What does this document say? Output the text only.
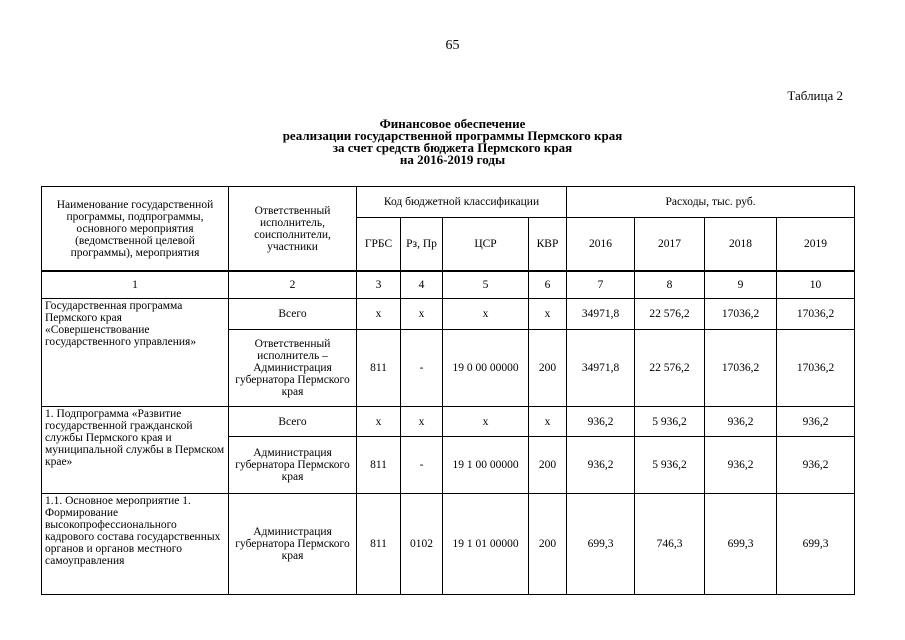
65
Таблица 2
Финансовое обеспечение
реализации государственной программы Пермского края
за счет средств бюджета Пермского края
на 2016-2019 годы
Наименование государственной программы, подпрограммы, основного мероприятия (ведомственной целевой программы), мероприятия	Ответственный исполнитель, соисполнители, участники	Код бюджетной классификации				Расходы, тыс. руб.			
		ГРБС	Рз, Пр	ЦСР	КВР	2016	2017	2018	2019
1	2	3	4	5	6	7	8	9	10
Государственная программа Пермского края «Совершенствование государственного управления»	Всего	х	х	х	х	34971,8	22 576,2	17036,2	17036,2
	Ответственный исполнитель – Администрация губернатора Пермского края	811	-	19 0 00 00000	200	34971,8	22 576,2	17036,2	17036,2
1. Подпрограмма «Развитие государственной гражданской службы Пермского края и муниципальной службы в Пермском крае»	Всего	х	х	х	х	936,2	5 936,2	936,2	936,2
	Администрация губернатора Пермского края	811	-	19 1 00 00000	200	936,2	5 936,2	936,2	936,2
1.1. Основное мероприятие 1. Формирование высокопрофессионального кадрового состава государственных органов и органов местного самоуправления	Администрация губернатора Пермского края	811	0102	19 1 01 00000	200	699,3	746,3	699,3	699,3
